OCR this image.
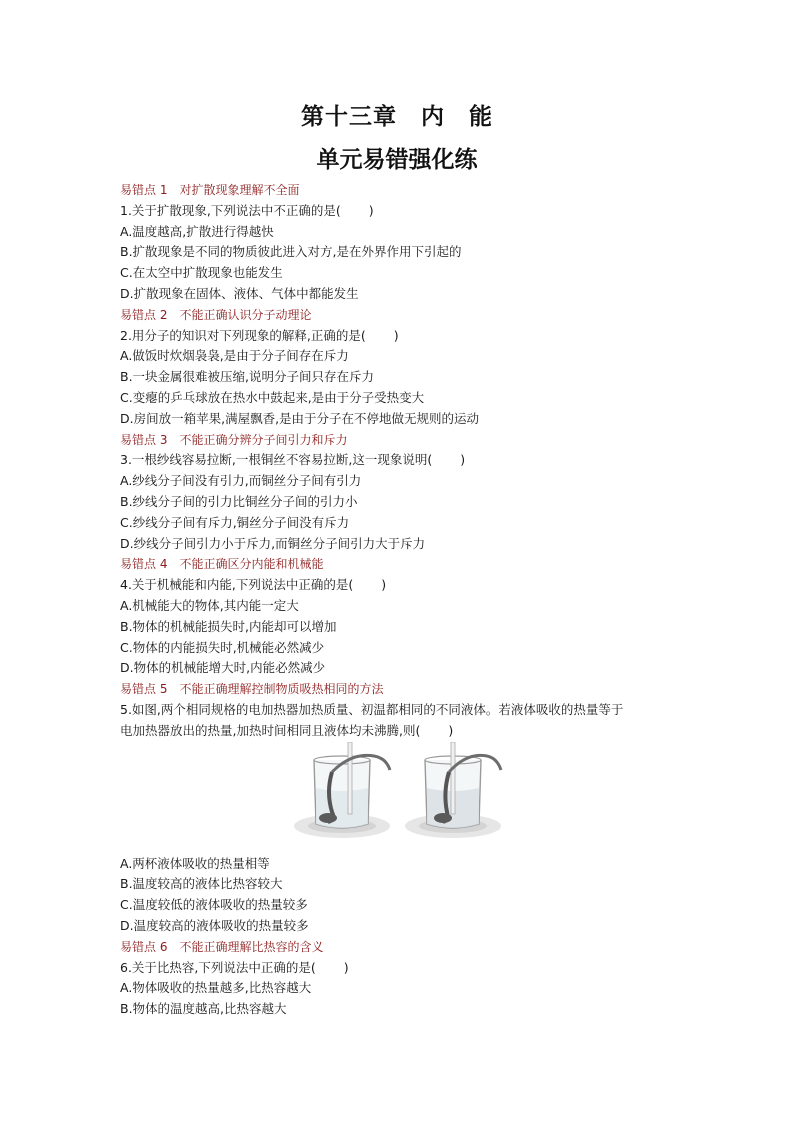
第十三章　内　能
单元易错强化练
易错点 1 对扩散现象理解不全面
1.关于扩散现象,下列说法中不正确的是( )
A.温度越高,扩散进行得越快
B.扩散现象是不同的物质彼此进入对方,是在外界作用下引起的
C.在太空中扩散现象也能发生
D.扩散现象在固体、液体、气体中都能发生
易错点 2 不能正确认识分子动理论
2.用分子的知识对下列现象的解释,正确的是( )
A.做饭时炊烟袅袅,是由于分子间存在斥力
B.一块金属很难被压缩,说明分子间只存在斥力
C.变瘪的乒乓球放在热水中鼓起来,是由于分子受热变大
D.房间放一箱苹果,满屋飘香,是由于分子在不停地做无规则的运动
易错点 3 不能正确分辨分子间引力和斥力
3.一根纱线容易拉断,一根铜丝不容易拉断,这一现象说明( )
A.纱线分子间没有引力,而铜丝分子间有引力
B.纱线分子间的引力比铜丝分子间的引力小
C.纱线分子间有斥力,铜丝分子间没有斥力
D.纱线分子间引力小于斥力,而铜丝分子间引力大于斥力
易错点 4 不能正确区分内能和机械能
4.关于机械能和内能,下列说法中正确的是( )
A.机械能大的物体,其内能一定大
B.物体的机械能损失时,内能却可以增加
C.物体的内能损失时,机械能必然减少
D.物体的机械能增大时,内能必然减少
易错点 5 不能正确理解控制物质吸热相同的方法
5.如图,两个相同规格的电加热器加热质量、初温都相同的不同液体。若液体吸收的热量等于
电加热器放出的热量,加热时间相同且液体均未沸腾,则( )
A.两杯液体吸收的热量相等
B.温度较高的液体比热容较大
C.温度较低的液体吸收的热量较多
D.温度较高的液体吸收的热量较多
易错点 6 不能正确理解比热容的含义
6.关于比热容,下列说法中正确的是( )
A.物体吸收的热量越多,比热容越大
B.物体的温度越高,比热容越大
